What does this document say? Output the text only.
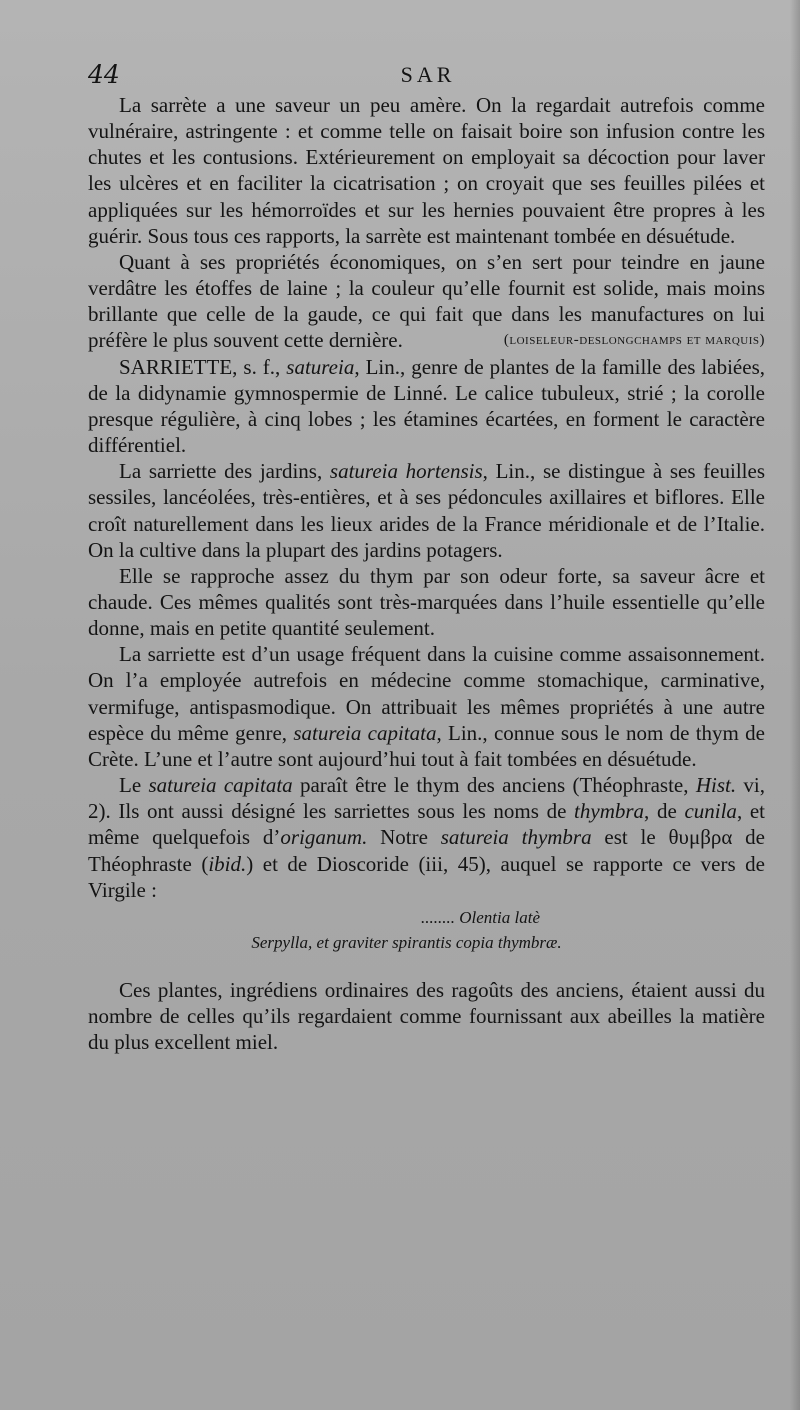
44	SAR

La sarrète a une saveur un peu amère. On la regardait autrefois comme vulnéraire, astringente : et comme telle on faisait boire son infusion contre les chutes et les contusions. Extérieurement on employait sa décoction pour laver les ulcères et en faciliter la cicatrisation ; on croyait que ses feuilles pilées et appliquées sur les hémorroïdes et sur les hernies pouvaient être propres à les guérir. Sous tous ces rapports, la sarrète est maintenant tombée en désuétude.

Quant à ses propriétés économiques, on s’en sert pour teindre en jaune verdâtre les étoffes de laine ; la couleur qu’elle fournit est solide, mais moins brillante que celle de la gaude, ce qui fait que dans les manufactures on lui préfère le plus souvent cette dernière.	(loiseleur-deslongchamps et marquis)

SARRIETTE, s. f., satureia, Lin., genre de plantes de la famille des labiées, de la didynamie gymnospermie de Linné. Le calice tubuleux, strié ; la corolle presque régulière, à cinq lobes ; les étamines écartées, en forment le caractère différentiel.

La sarriette des jardins, satureia hortensis, Lin., se distingue à ses feuilles sessiles, lancéolées, très-entières, et à ses pédoncules axillaires et biflores. Elle croît naturellement dans les lieux arides de la France méridionale et de l’Italie. On la cultive dans la plupart des jardins potagers.

Elle se rapproche assez du thym par son odeur forte, sa saveur âcre et chaude. Ces mêmes qualités sont très-marquées dans l’huile essentielle qu’elle donne, mais en petite quantité seulement.

La sarriette est d’un usage fréquent dans la cuisine comme assaisonnement. On l’a employée autrefois en médecine comme stomachique, carminative, vermifuge, antispasmodique. On attribuait les mêmes propriétés à une autre espèce du même genre, satureia capitata, Lin., connue sous le nom de thym de Crète. L’une et l’autre sont aujourd’hui tout à fait tombées en désuétude.

Le satureia capitata paraît être le thym des anciens (Théophraste, Hist. vi, 2). Ils ont aussi désigné les sarriettes sous les noms de thymbra, de cunila, et même quelquefois d’origanum. Notre satureia thymbra est le θυμβρα de Théophraste (ibid.) et de Dioscoride (iii, 45), auquel se rapporte ce vers de Virgile :

........ Olentia latè
Serpylla, et graviter spirantis copia thymbræ.

Ces plantes, ingrédiens ordinaires des ragoûts des anciens, étaient aussi du nombre de celles qu’ils regardaient comme fournissant aux abeilles la matière du plus excellent miel.
